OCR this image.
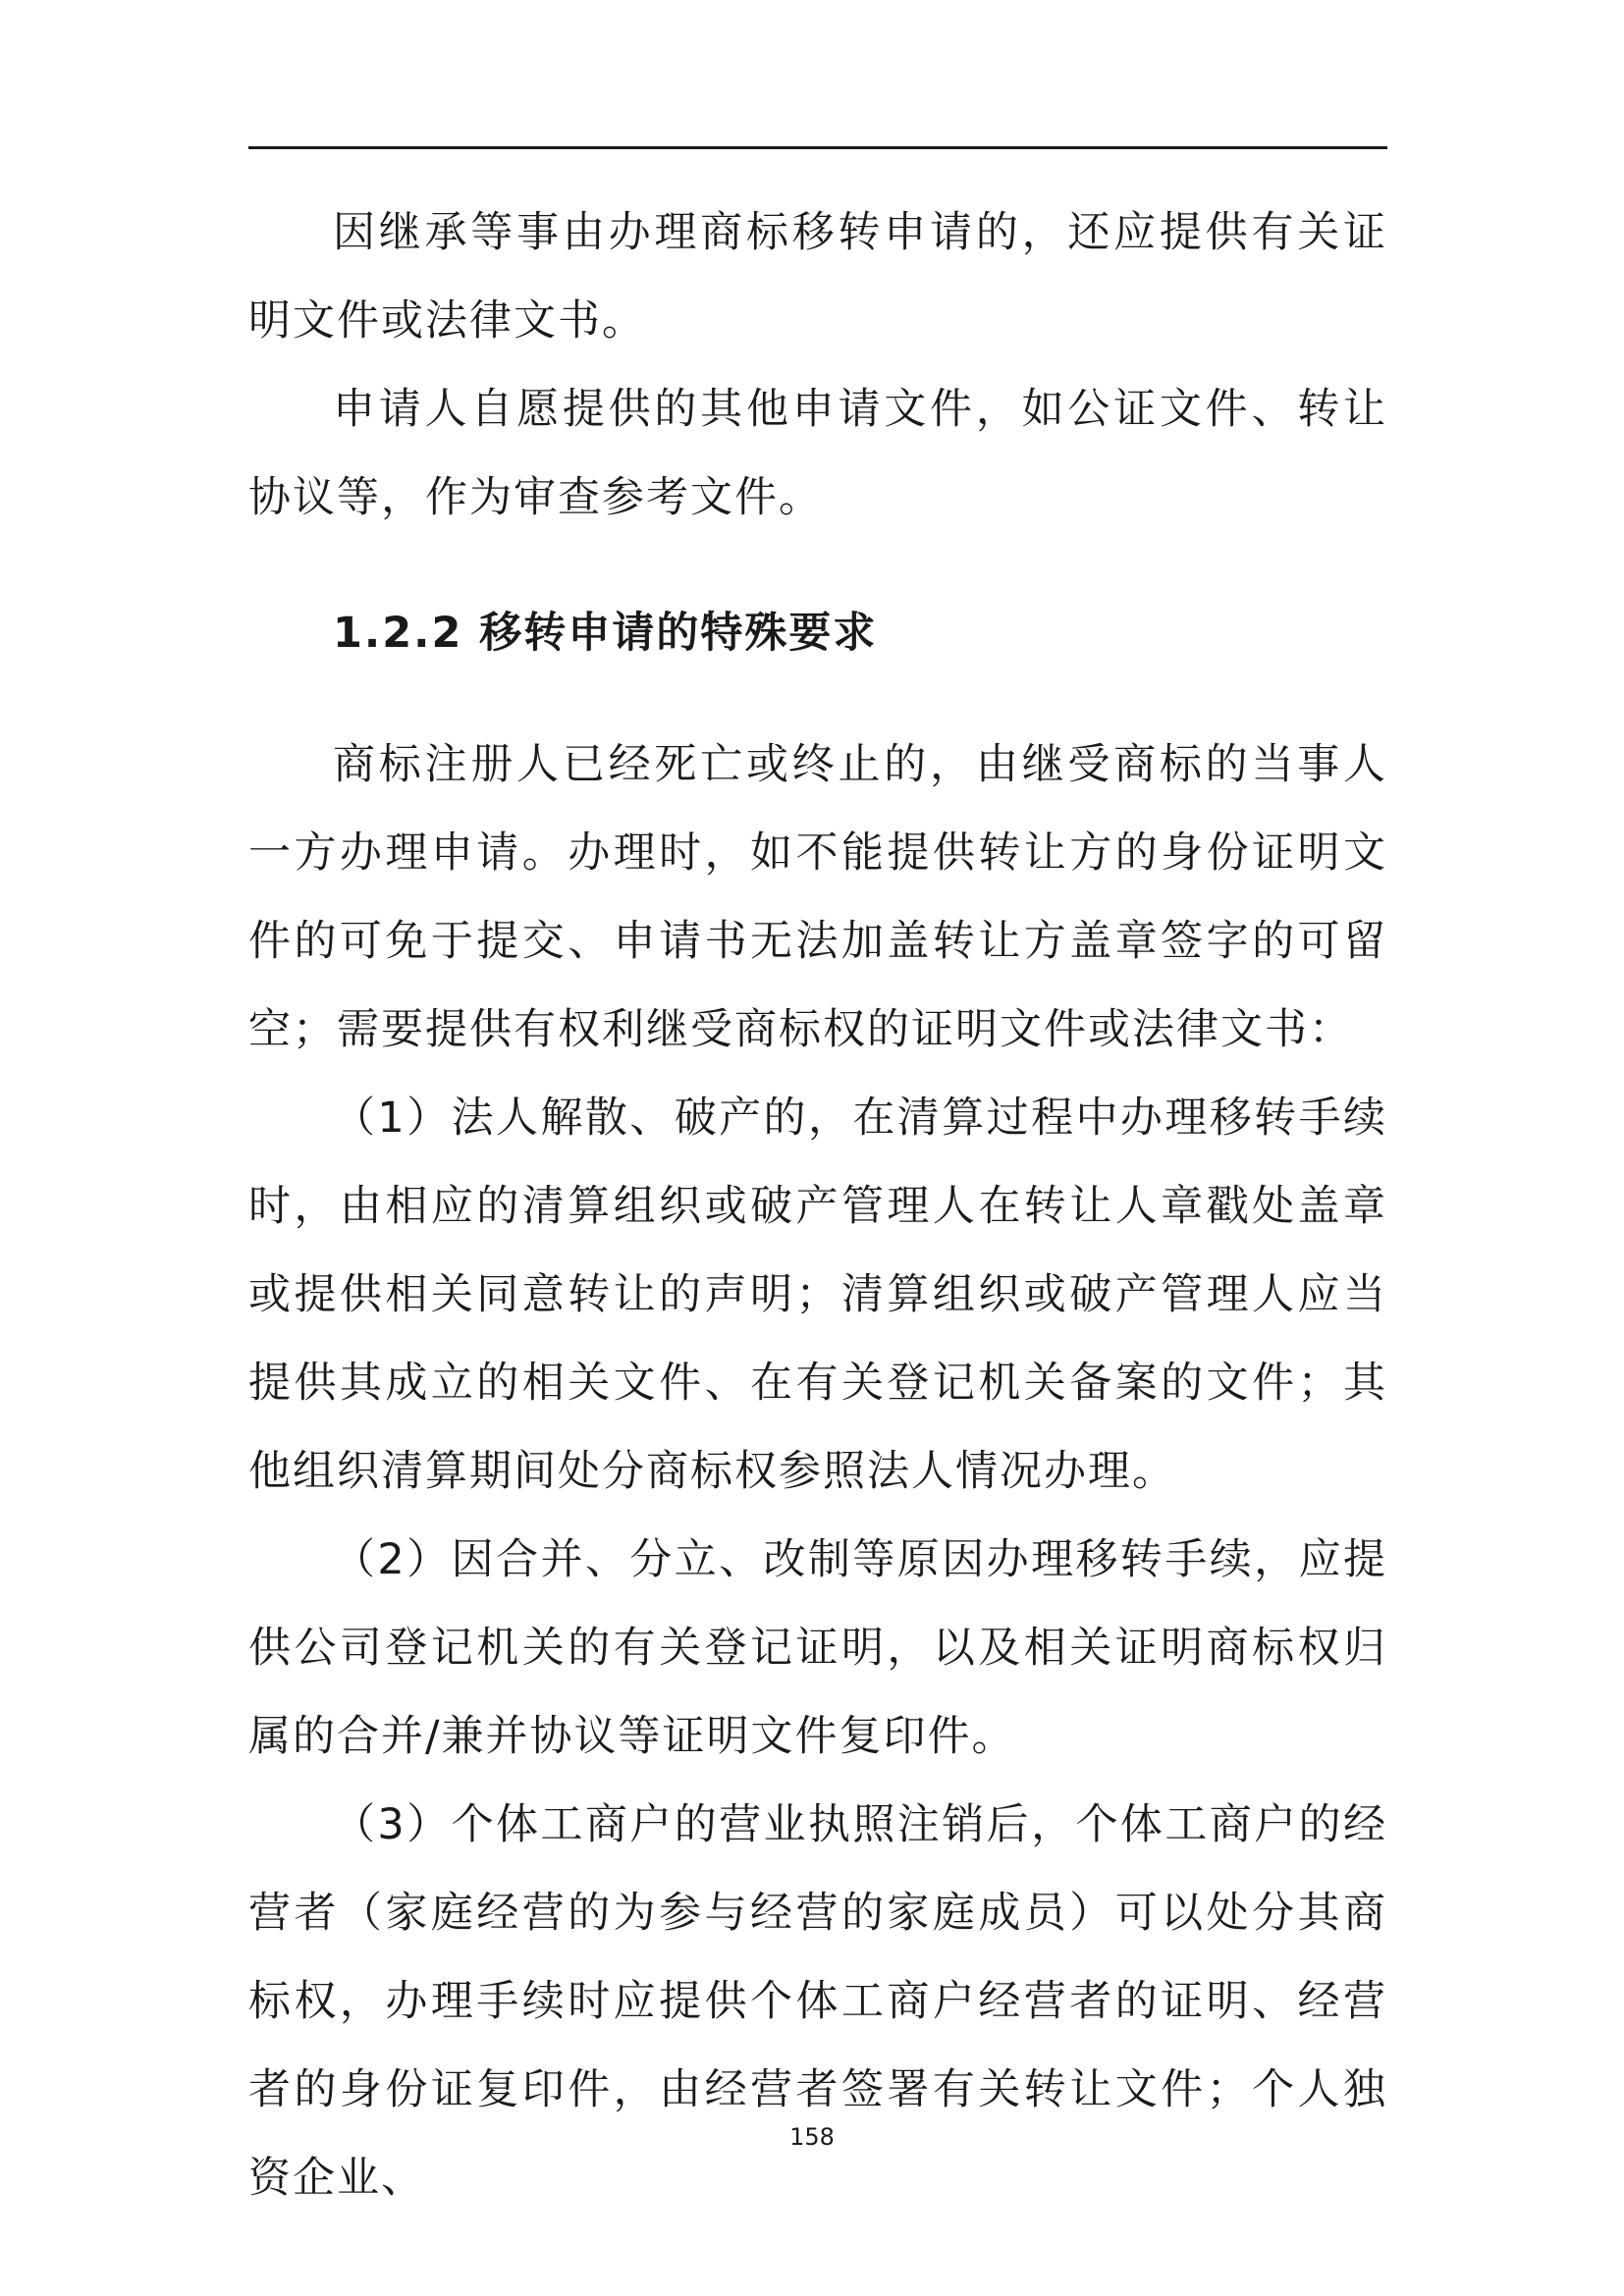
因继承等事由办理商标移转申请的，还应提供有关证明文件或法律文书。

申请人自愿提供的其他申请文件，如公证文件、转让协议等，作为审查参考文件。

1.2.2 移转申请的特殊要求

商标注册人已经死亡或终止的，由继受商标的当事人一方办理申请。办理时，如不能提供转让方的身份证明文件的可免于提交、申请书无法加盖转让方盖章签字的可留空；需要提供有权利继受商标权的证明文件或法律文书：

（1）法人解散、破产的，在清算过程中办理移转手续时，由相应的清算组织或破产管理人在转让人章戳处盖章或提供相关同意转让的声明；清算组织或破产管理人应当提供其成立的相关文件、在有关登记机关备案的文件；其他组织清算期间处分商标权参照法人情况办理。

（2）因合并、分立、改制等原因办理移转手续，应提供公司登记机关的有关登记证明，以及相关证明商标权归属的合并/兼并协议等证明文件复印件。

（3）个体工商户的营业执照注销后，个体工商户的经营者（家庭经营的为参与经营的家庭成员）可以处分其商标权，办理手续时应提供个体工商户经营者的证明、经营者的身份证复印件，由经营者签署有关转让文件；个人独资企业、

158
